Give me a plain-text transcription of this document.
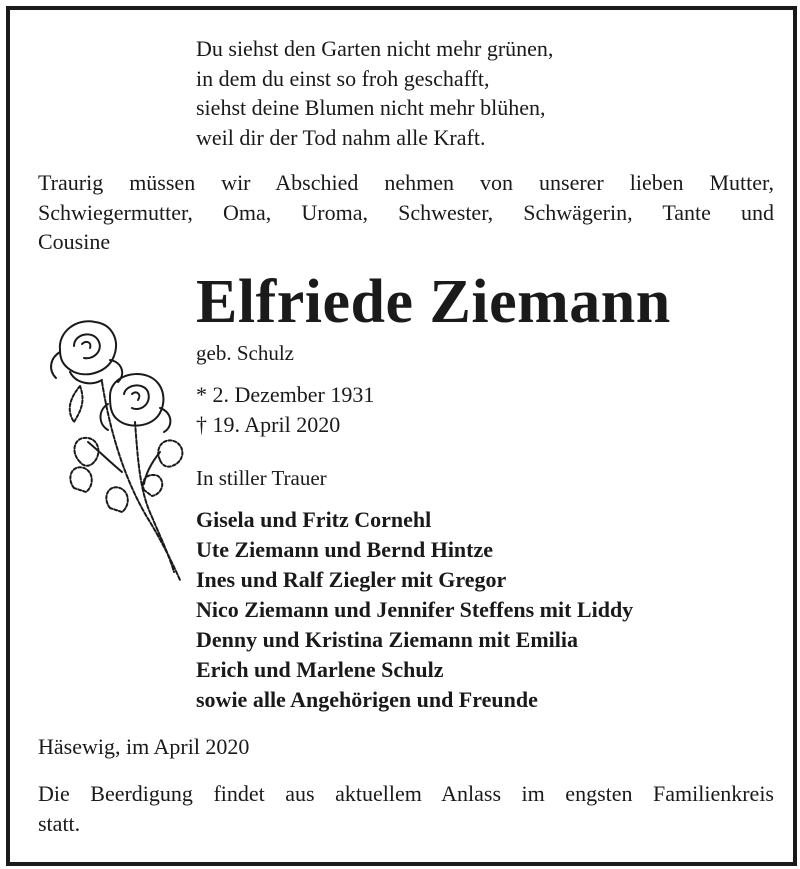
Du siehst den Garten nicht mehr grünen,
in dem du einst so froh geschafft,
siehst deine Blumen nicht mehr blühen,
weil dir der Tod nahm alle Kraft.
Traurig müssen wir Abschied nehmen von unserer lieben Mutter,
Schwiegermutter, Oma, Uroma, Schwester, Schwägerin, Tante und
Cousine
Elfriede Ziemann
geb. Schulz
* 2. Dezember 1931
† 19. April 2020
In stiller Trauer
Gisela und Fritz Cornehl
Ute Ziemann und Bernd Hintze
Ines und Ralf Ziegler mit Gregor
Nico Ziemann und Jennifer Steffens mit Liddy
Denny und Kristina Ziemann mit Emilia
Erich und Marlene Schulz
sowie alle Angehörigen und Freunde
Häsewig, im April 2020
Die Beerdigung findet aus aktuellem Anlass im engsten Familienkreis
statt.
